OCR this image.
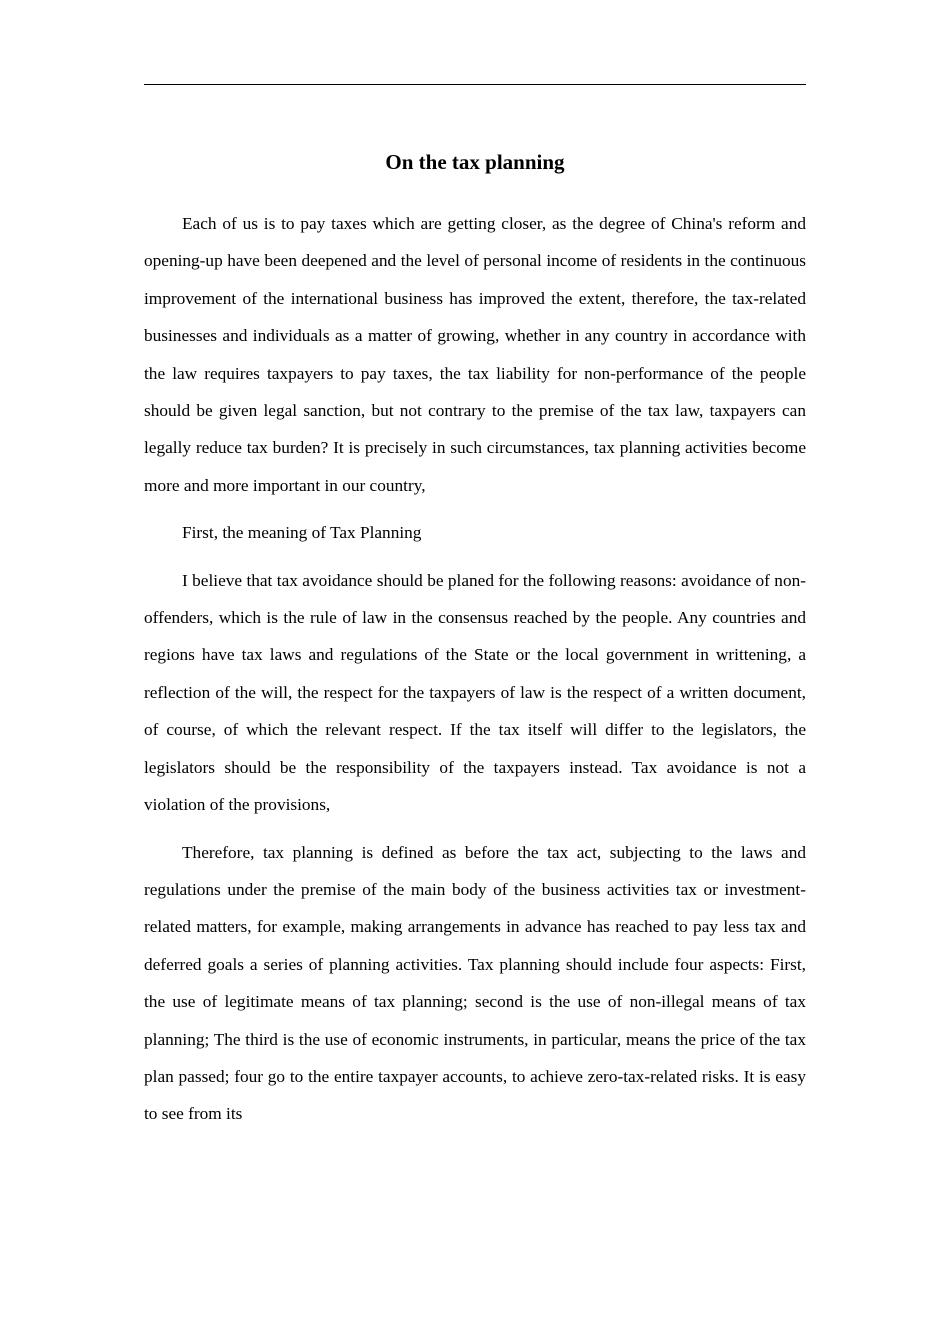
On the tax planning

Each of us is to pay taxes which are getting closer, as the degree of China's reform and opening-up have been deepened and the level of personal income of residents in the continuous improvement of the international business has improved the extent, therefore, the tax-related businesses and individuals as a matter of growing, whether in any country in accordance with the law requires taxpayers to pay taxes, the tax liability for non-performance of the people should be given legal sanction, but not contrary to the premise of the tax law, taxpayers can legally reduce tax burden? It is precisely in such circumstances, tax planning activities become more and more important in our country,

First, the meaning of Tax Planning

I believe that tax avoidance should be planed for the following reasons: avoidance of non-offenders, which is the rule of law in the consensus reached by the people. Any countries and regions have tax laws and regulations of the State or the local government in writtening, a reflection of the will, the respect for the taxpayers of law is the respect of a written document, of course, of which the relevant respect. If the tax itself will differ to the legislators, the legislators should be the responsibility of the taxpayers instead. Tax avoidance is not a violation of the provisions,

Therefore, tax planning is defined as before the tax act, subjecting to the laws and regulations under the premise of the main body of the business activities tax or investment-related matters, for example, making arrangements in advance has reached to pay less tax and deferred goals a series of planning activities. Tax planning should include four aspects: First, the use of legitimate means of tax planning; second is the use of non-illegal means of tax planning; The third is the use of economic instruments, in particular, means the price of the tax plan passed; four go to the entire taxpayer accounts, to achieve zero-tax-related risks. It is easy to see from its
